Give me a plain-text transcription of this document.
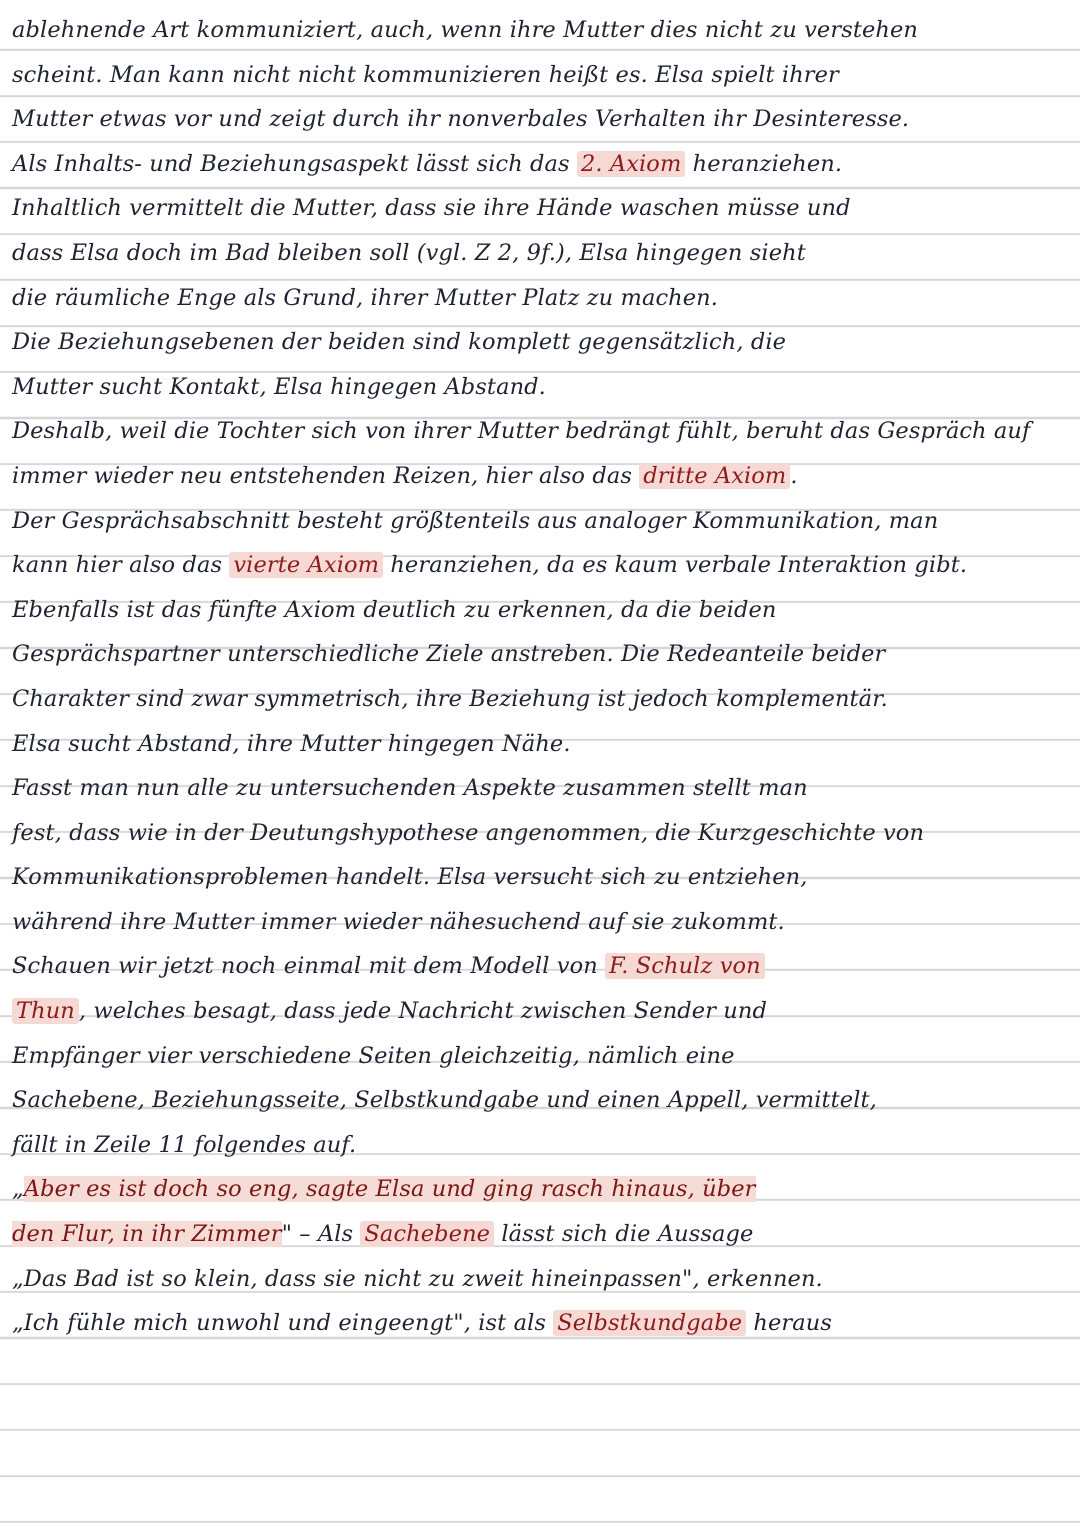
ablehnende Art kommuniziert, auch, wenn ihre Mutter dies nicht zu verstehen
scheint. Man kann nicht nicht kommunizieren heißt es. Elsa spielt ihrer
Mutter etwas vor und zeigt durch ihr nonverbales Verhalten ihr Desinteresse.
Als Inhalts- und Beziehungsaspekt lässt sich das 2. Axiom heranziehen.
Inhaltlich vermittelt die Mutter, dass sie ihre Hände waschen müsse und
dass Elsa doch im Bad bleiben soll (vgl. Z 2, 9f.), Elsa hingegen sieht
die räumliche Enge als Grund, ihrer Mutter Platz zu machen.
Die Beziehungsebenen der beiden sind komplett gegensätzlich, die
Mutter sucht Kontakt, Elsa hingegen Abstand.
Deshalb, weil die Tochter sich von ihrer Mutter bedrängt fühlt, beruht das Gespräch auf
immer wieder neu entstehenden Reizen, hier also das dritte Axiom .
Der Gesprächsabschnitt besteht größtenteils aus analoger Kommunikation, man
kann hier also das vierte Axiom heranziehen, da es kaum verbale Interaktion gibt.
Ebenfalls ist das fünfte Axiom deutlich zu erkennen, da die beiden
Gesprächspartner unterschiedliche Ziele anstreben. Die Redeanteile beider
Charakter sind zwar symmetrisch, ihre Beziehung ist jedoch komplementär.
Elsa sucht Abstand, ihre Mutter hingegen Nähe.
Fasst man nun alle zu untersuchenden Aspekte zusammen stellt man
fest, dass wie in der Deutungshypothese angenommen, die Kurzgeschichte von
Kommunikationsproblemen handelt. Elsa versucht sich zu entziehen,
während ihre Mutter immer wieder nähesuchend auf sie zukommt.
Schauen wir jetzt noch einmal mit dem Modell von F. Schulz von
Thun , welches besagt, dass jede Nachricht zwischen Sender und
Empfänger vier verschiedene Seiten gleichzeitig, nämlich eine
Sachebene, Beziehungsseite, Selbstkundgabe und einen Appell, vermittelt,
fällt in Zeile 11 folgendes auf.
„Aber es ist doch so eng, sagte Elsa und ging rasch hinaus, über
den Flur, in ihr Zimmer" – Als Sachebene lässt sich die Aussage
„Das Bad ist so klein, dass sie nicht zu zweit hineinpassen", erkennen.
„Ich fühle mich unwohl und eingeengt", ist als Selbstkundgabe heraus
